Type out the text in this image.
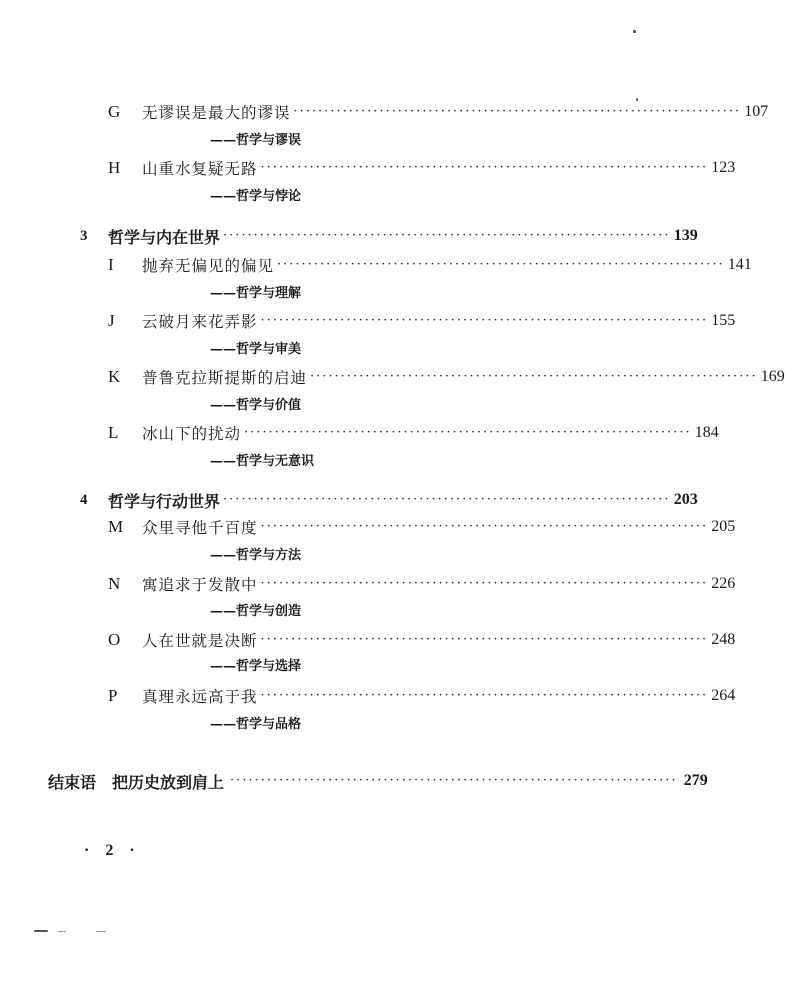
G	无谬误是最大的谬误 ········································································· 107
——哲学与谬误
H	山重水复疑无路 ········································································· 123
——哲学与悖论
3	哲学与内在世界 ········································································· 139
I	抛弃无偏见的偏见 ········································································· 141
——哲学与理解
J	云破月来花弄影 ········································································· 155
——哲学与审美
K	普鲁克拉斯提斯的启迪 ········································································· 169
——哲学与价值
L	冰山下的扰动 ········································································· 184
——哲学与无意识
4	哲学与行动世界 ········································································· 203
M	众里寻他千百度 ········································································· 205
——哲学与方法
N	寓追求于发散中 ········································································· 226
——哲学与创造
O	人在世就是决断 ········································································· 248
——哲学与选择
P	真理永远高于我 ········································································· 264
——哲学与品格
结束语 把历史放到肩上 ········································································· 279
· 2 ·
